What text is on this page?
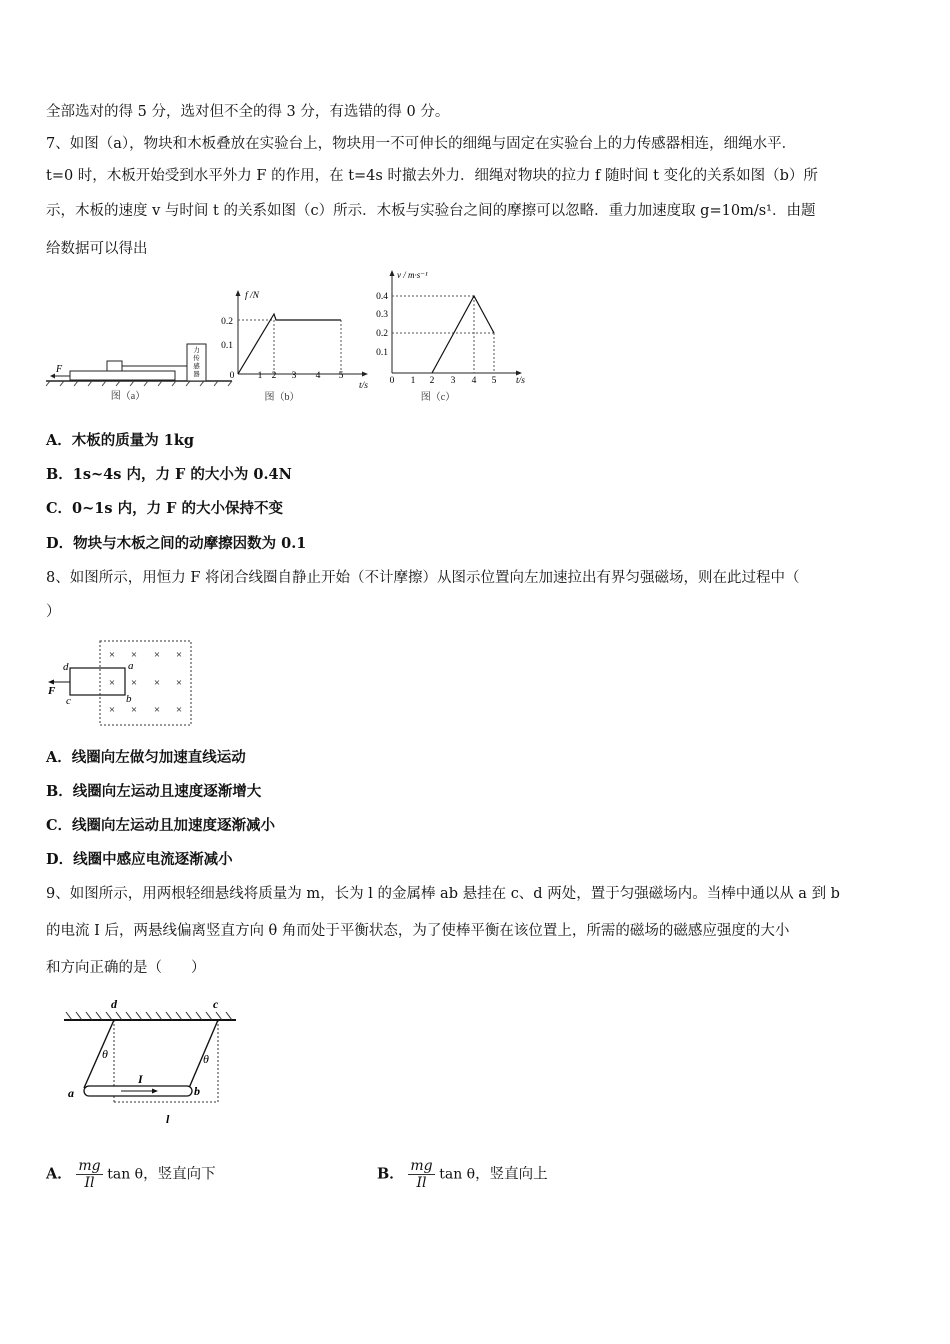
全部选对的得 5 分，选对但不全的得 3 分，有选错的得 0 分。
7、如图（a），物块和木板叠放在实验台上，物块用一不可伸长的细绳与固定在实验台上的力传感器相连，细绳水平．
t=0 时，木板开始受到水平外力 F 的作用，在 t=4s 时撤去外力．细绳对物块的拉力 f 随时间 t 变化的关系如图（b）所
示，木板的速度 v 与时间 t 的关系如图（c）所示．木板与实验台之间的摩擦可以忽略．重力加速度取 g=10m/s¹．由题
给数据可以得出
力
传
感
器
F
图（a）
f /N
t/s
0.2
0.1
0 1 2 3 4 5
图（b）
v / m·s⁻¹
t/s
0.4
0.3
0.2
0.1
0 1 2 3 4 5
图（c）
A．木板的质量为 1kg
B．1s~4s 内，力 F 的大小为 0.4N
C．0~1s 内，力 F 的大小保持不变
D．物块与木板之间的动摩擦因数为 0.1
8、如图所示，用恒力 F 将闭合线圈自静止开始（不计摩擦）从图示位置向左加速拉出有界匀强磁场，则在此过程中（
）
× × × ×
× × × ×
× × × ×
d	a
c	b
F
A．线圈向左做匀加速直线运动
B．线圈向左运动且速度逐渐增大
C．线圈向左运动且加速度逐渐减小
D．线圈中感应电流逐渐减小
9、如图所示，用两根轻细悬线将质量为 m，长为 l 的金属棒 ab 悬挂在 c、d 两处，置于匀强磁场内。当棒中通以从 a 到 b
的电流 I 后，两悬线偏离竖直方向 θ 角而处于平衡状态，为了使棒平衡在该位置上，所需的磁场的磁感应强度的大小
和方向正确的是（　　）
d	c
a	b
I
l
θ	θ
A． $\frac{mg}{Il}$ tan θ，竖直向下	B． $\frac{mg}{Il}$ tan θ，竖直向上
